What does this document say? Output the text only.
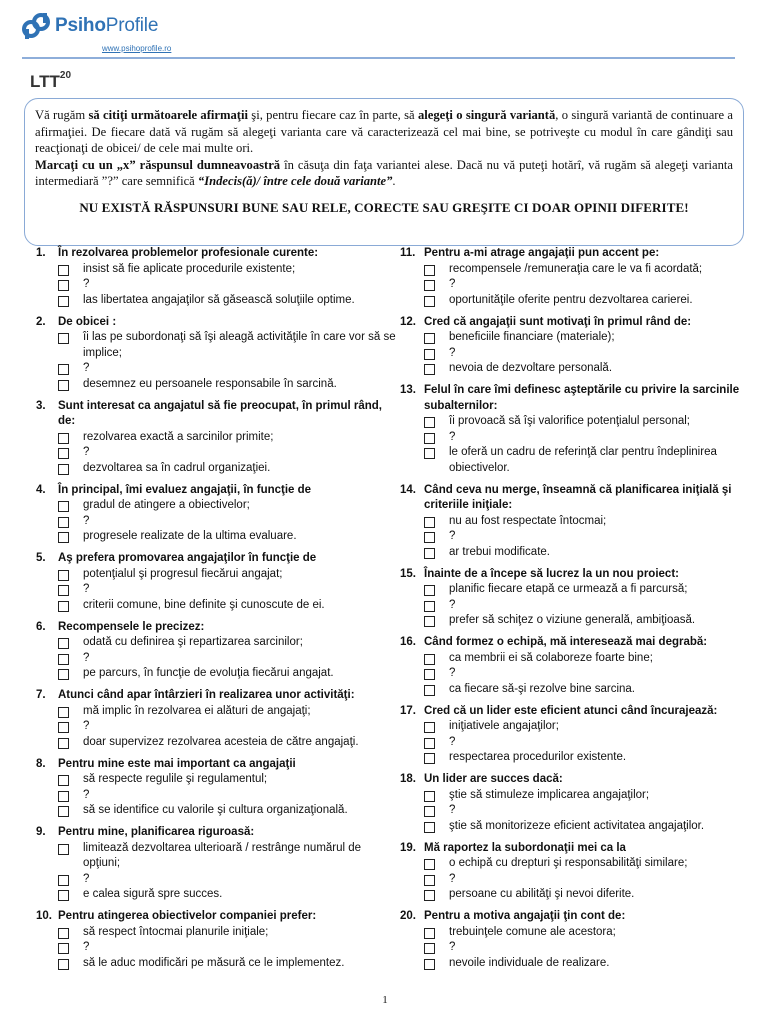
PsihoProfile
www.psihoprofile.ro
LTT$^{20}$

Vă rugăm să citiţi următoarele afirmaţii şi, pentru fiecare caz în parte, să alegeţi o singură variantă, o singură variantă de continuare a afirmaţiei. De fiecare dată vă rugăm să alegeţi varianta care vă caracterizează cel mai bine, se potriveşte cu modul în care gândiţi sau reacţionaţi de obicei/ de cele mai multe ori.

Marcaţi cu un „x” răspunsul dumneavoastră în căsuţa din faţa variantei alese. Dacă nu vă puteţi hotărî, vă rugăm să alegeţi varianta intermediară ”?” care semnifică “Indecis(ă)/ între cele două variante”.

NU EXISTĂ RĂSPUNSURI BUNE SAU RELE, CORECTE SAU GREŞITE CI DOAR OPINII DIFERITE!

1.	În rezolvarea problemelor profesionale curente:
insist să fie aplicate procedurile existente;
?
las libertatea angajaţilor să găsească soluţiile optime.
2.	De obicei :
îi las pe subordonaţi să îşi aleagă activităţile în care vor să se implice;
?
desemnez eu persoanele responsabile în sarcină.
3.	Sunt interesat ca angajatul să fie preocupat, în primul rând, de:
rezolvarea exactă a sarcinilor primite;
?
dezvoltarea sa în cadrul organizaţiei.
4.	În principal, îmi evaluez angajaţii, în funcţie de
gradul de atingere a obiectivelor;
?
progresele realizate de la ultima evaluare.
5.	Aş prefera promovarea angajaţilor în funcţie de
potenţialul şi progresul fiecărui angajat;
?
criterii comune, bine definite şi cunoscute de ei.
6.	Recompensele le precizez:
odată cu definirea şi repartizarea sarcinilor;
?
pe parcurs, în funcţie de evoluţia fiecărui angajat.
7.	Atunci când apar întârzieri în realizarea unor activităţi:
mă implic în rezolvarea ei alături de angajaţi;
?
doar supervizez rezolvarea acesteia de către angajaţi.
8.	Pentru mine este mai important ca angajaţii
să respecte regulile şi regulamentul;
?
să se identifice cu valorile şi cultura organizaţională.
9.	Pentru mine, planificarea riguroasă:
limitează dezvoltarea ulterioară / restrânge numărul de opţiuni;
?
e calea sigură spre succes.
10. Pentru atingerea obiectivelor companiei prefer:
să respect întocmai planurile iniţiale;
?
să le aduc modificări pe măsură ce le implementez.
11. Pentru a-mi atrage angajaţii pun accent pe:
recompensele /remuneraţia care le va fi acordată;
?
oportunităţile oferite pentru dezvoltarea carierei.
12. Cred că angajaţii sunt motivaţi în primul rând de:
beneficiile financiare (materiale);
?
nevoia de dezvoltare personală.
13. Felul în care îmi definesc aşteptările cu privire la sarcinile subalternilor:
îi provoacă să îşi valorifice potenţialul personal;
?
le oferă un cadru de referinţă clar pentru îndeplinirea obiectivelor.
14. Când ceva nu merge, înseamnă că planificarea iniţială şi criteriile iniţiale:
nu au fost respectate întocmai;
?
ar trebui modificate.
15. Înainte de a începe să lucrez la un nou proiect:
planific fiecare etapă ce urmează a fi parcursă;
?
prefer să schiţez o viziune generală, ambiţioasă.
16. Când formez o echipă, mă interesează mai degrabă:
ca membrii ei să colaboreze foarte bine;
?
ca fiecare să-şi rezolve bine sarcina.
17. Cred că un lider este eficient atunci când încurajează:
iniţiativele angajaţilor;
?
respectarea procedurilor existente.
18. Un lider are succes dacă:
ştie să stimuleze implicarea angajaţilor;
?
ştie să monitorizeze eficient activitatea angajaţilor.
19. Mă raportez la subordonaţii mei ca la
o echipă cu drepturi şi responsabilităţi similare;
?
persoane cu abilităţi şi nevoi diferite.
20. Pentru a motiva angajaţii ţin cont de:
trebuinţele comune ale acestora;
?
nevoile individuale de realizare.
1
